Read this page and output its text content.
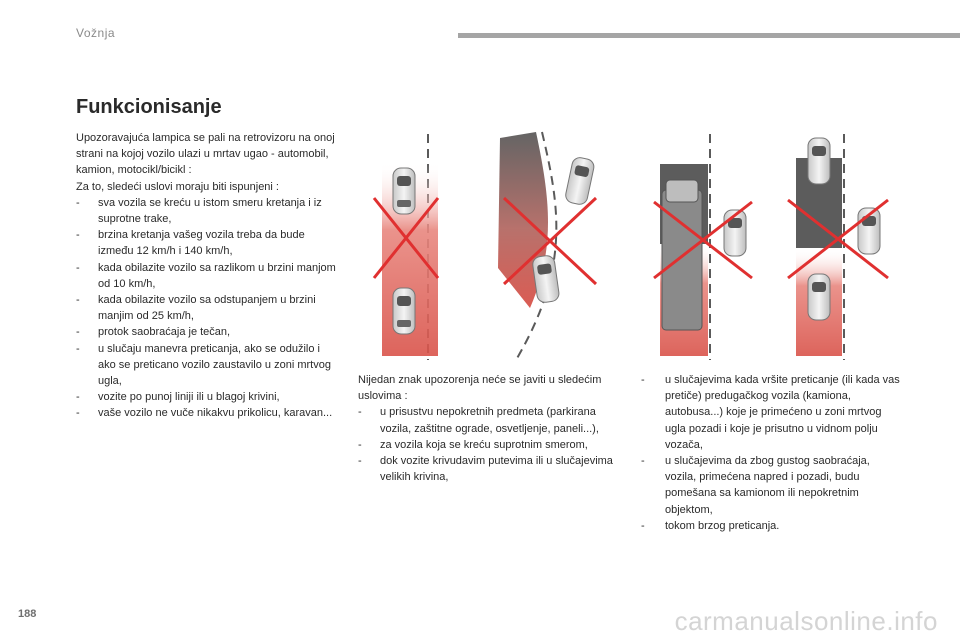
Vožnja
Funkcionisanje

Upozoravajuća lampica se pali na retrovizoru na onoj strani na kojoj vozilo ulazi u mrtav ugao - automobil, kamion, motocikl/bicikl :

Za to, sledeći uslovi moraju biti ispunjeni :

- sva vozila se kreću u istom smeru kretanja i iz suprotne trake,
- brzina kretanja vašeg vozila treba da bude između 12 km/h i 140 km/h,
- kada obilazite vozilo sa razlikom u brzini manjom od 10 km/h,
- kada obilazite vozilo sa odstupanjem u brzini manjim od 25 km/h,
- protok saobraćaja je tečan,
- u slučaju manevra preticanja, ako se odužilo i ako se preticano vozilo zaustavilo u zoni mrtvog ugla,
- vozite po punoj liniji ili u blagoj krivini,
- vaše vozilo ne vuče nikakvu prikolicu, karavan...

Nijedan znak upozorenja neće se javiti u sledećim uslovima :

- u prisustvu nepokretnih predmeta (parkirana vozila, zaštitne ograde, osvetljenje, paneli...),
- za vozila koja se kreću suprotnim smerom,
- dok vozite krivudavim putevima ili u slučajevima velikih krivina,
- u slučajevima kada vršite preticanje (ili kada vas pretiče) predugačkog vozila (kamiona, autobusa...) koje je primećeno u zoni mrtvog ugla pozadi i koje je prisutno u vidnom polju vozača,
- u slučajevima da zbog gustog saobraćaja, vozila, primećena napred i pozadi, budu pomešana sa kamionom ili nepokretnim objektom,
- tokom brzog preticanja.
188	carmanualsonline.info
